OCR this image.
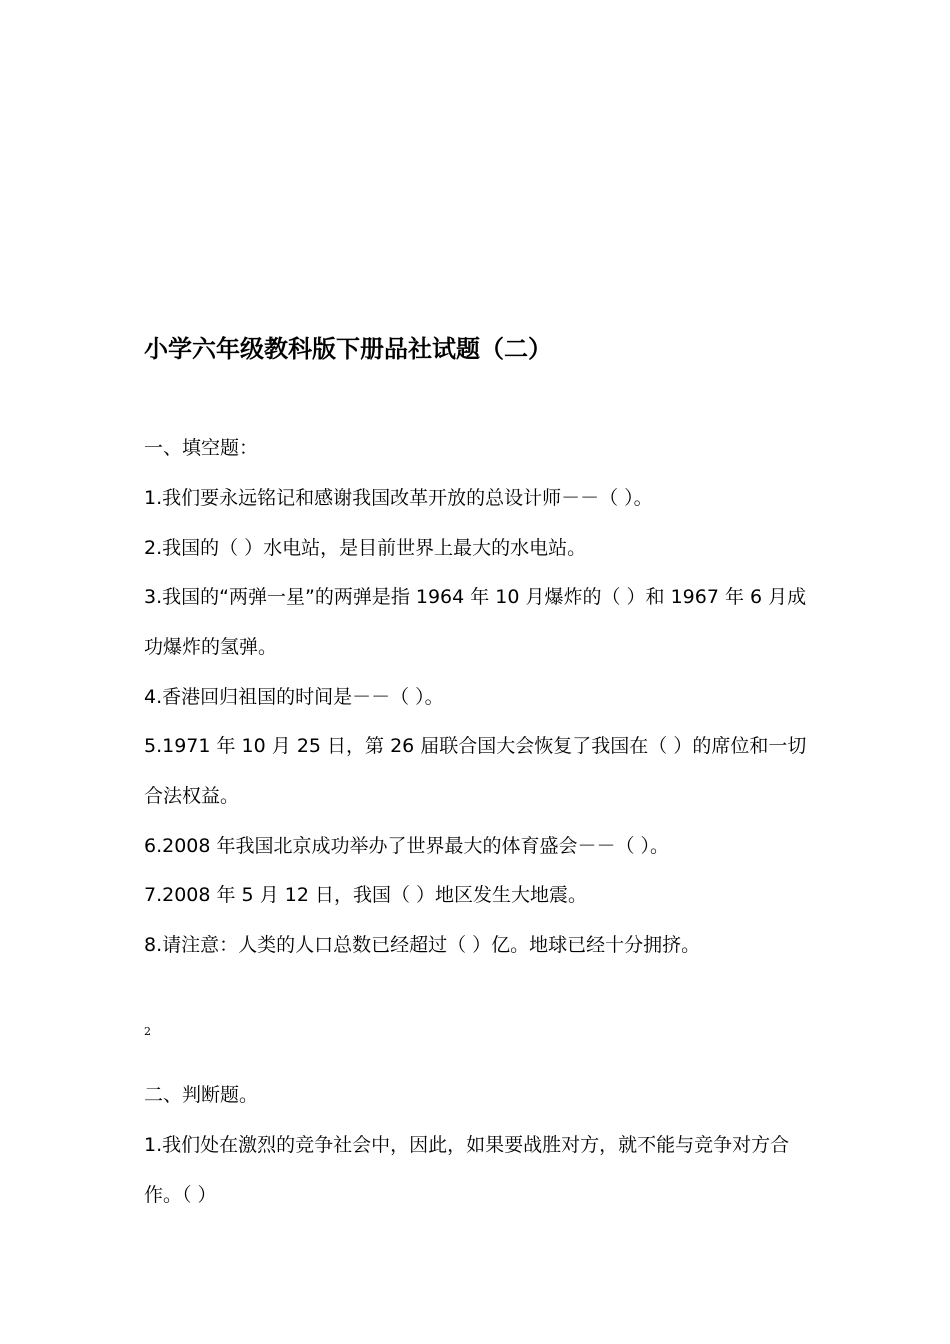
小学六年级教科版下册品社试题（二）

一、填空题：

1.我们要永远铭记和感谢我国改革开放的总设计师－－（ ）。

2.我国的（ ）水电站，是目前世界上最大的水电站。

3.我国的“两弹一星”的两弹是指 1964 年 10 月爆炸的（ ）和 1967 年 6 月成

功爆炸的氢弹。

4.香港回归祖国的时间是－－（ ）。

5.1971 年 10 月 25 日，第 26 届联合国大会恢复了我国在（ ）的席位和一切

合法权益。

6.2008 年我国北京成功举办了世界最大的体育盛会－－（ ）。

7.2008 年 5 月 12 日，我国（ ）地区发生大地震。

8.请注意：人类的人口总数已经超过（ ）亿。地球已经十分拥挤。

2

二、判断题。

1.我们处在激烈的竞争社会中，因此，如果要战胜对方，就不能与竞争对方合

作。（ ）
